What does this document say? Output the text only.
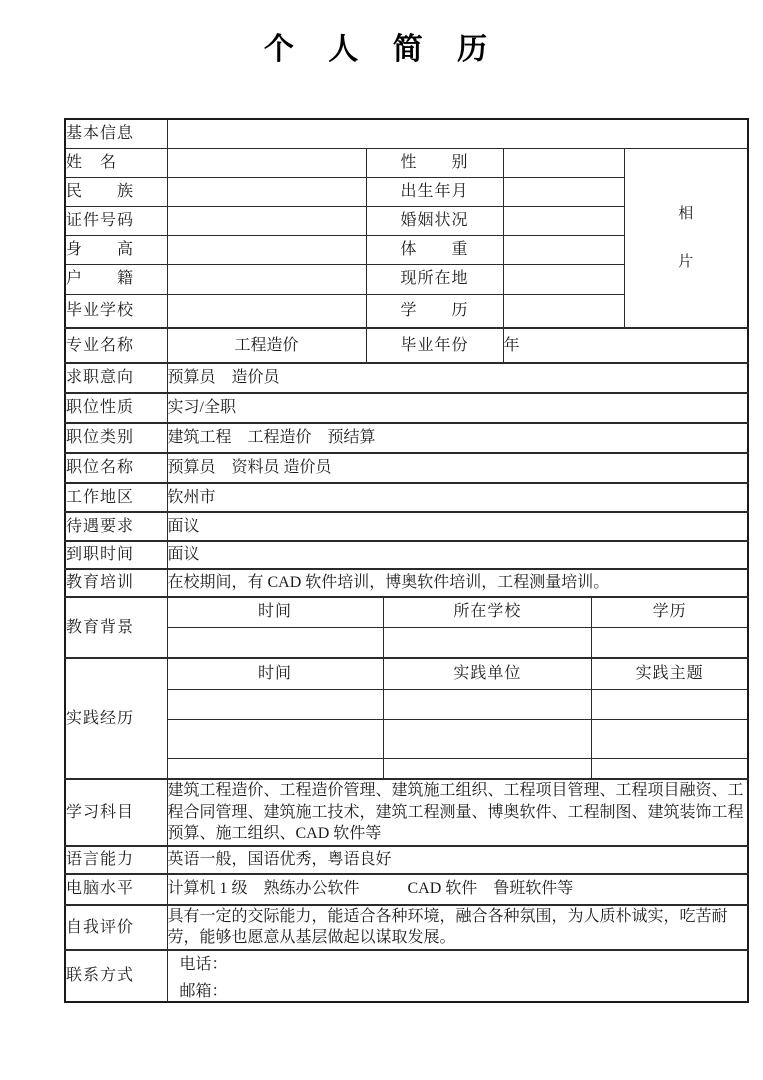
个 人 简 历
基本信息	
姓　名		性　　别		
相
片

民　　族		出生年月	
证件号码		婚姻状况	
身　　高		体　　重	
户　　籍		现所在地	
毕业学校		学　　历	
专业名称	工程造价	毕业年份	年
求职意向	预算员　造价员
职位性质	实习/全职
职位类别	建筑工程　工程造价　预结算
职位名称	预算员　资料员 造价员
工作地区	钦州市
待遇要求	面议
到职时间	面议
教育培训	在校期间，有 CAD 软件培训，博奥软件培训，工程测量培训。
教育背景	
时间	所在学校	学历

实践经历	
时间	实践单位	实践主题

学习科目	建筑工程造价、工程造价管理、建筑施工组织、工程项目管理、工程项目融资、工程合同管理、建筑施工技术，建筑工程测量、博奥软件、工程制图、建筑装饰工程预算、施工组织、CAD 软件等
语言能力	英语一般，国语优秀，粤语良好
电脑水平	计算机 1 级　熟练办公软件　　　CAD 软件　鲁班软件等
自我评价	具有一定的交际能力，能适合各种环境，融合各种氛围，为人质朴诚实，吃苦耐劳，能够也愿意从基层做起以谋取发展。
联系方式	
电话：
邮箱：
